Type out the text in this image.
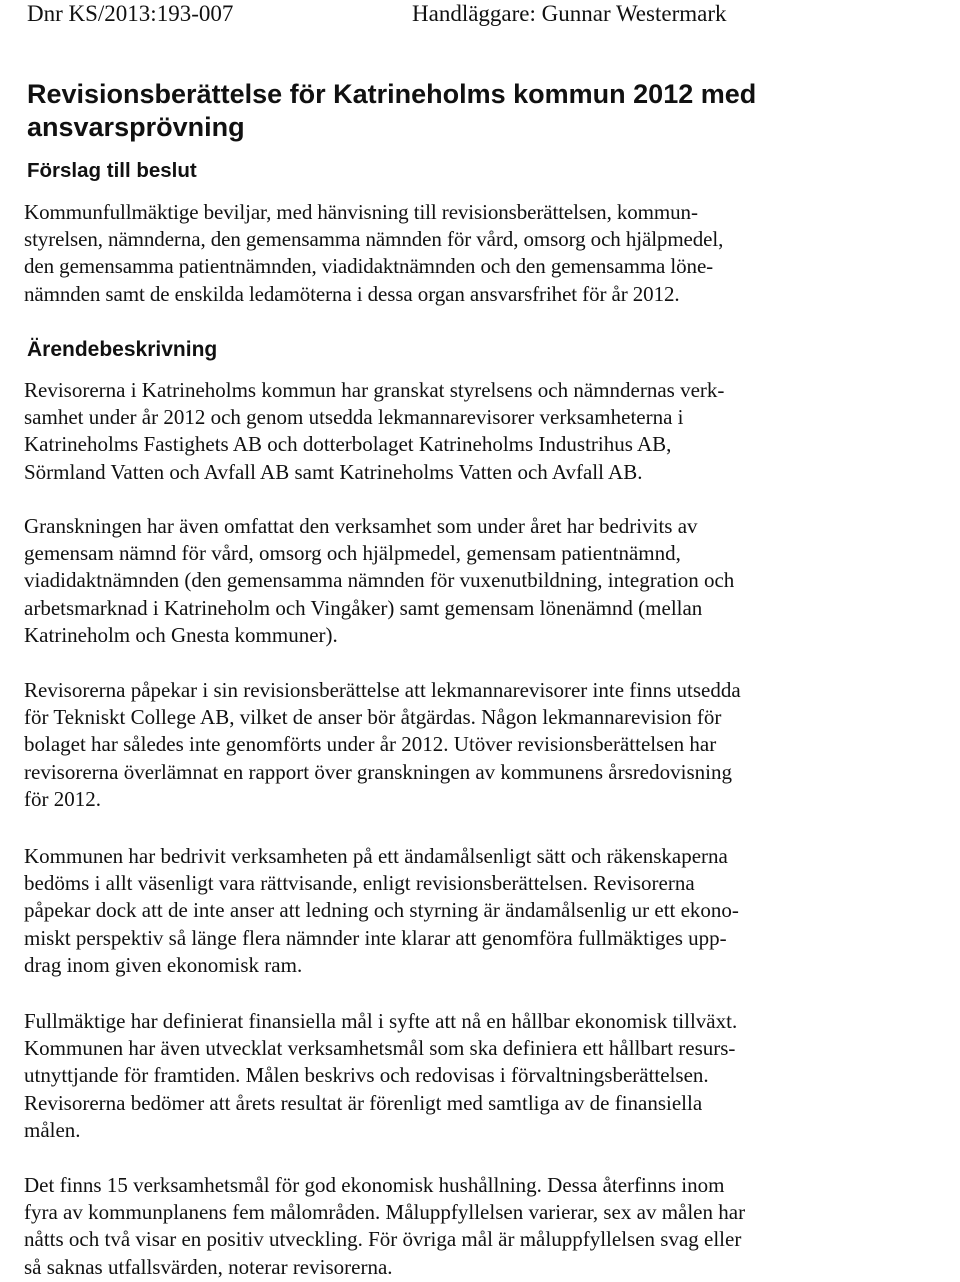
Dnr KS/2013:193-007	Handläggare: Gunnar Westermark
Revisionsberättelse för Katrineholms kommun 2012 med ansvarsprövning
Förslag till beslut

Kommunfullmäktige beviljar, med hänvisning till revisionsberättelsen, kommun-
styrelsen, nämnderna, den gemensamma nämnden för vård, omsorg och hjälpmedel,
den gemensamma patientnämnden, viadidaktnämnden och den gemensamma löne-
nämnden samt de enskilda ledamöterna i dessa organ ansvarsfrihet för år 2012.

Ärendebeskrivning

Revisorerna i Katrineholms kommun har granskat styrelsens och nämndernas verk-
samhet under år 2012 och genom utsedda lekmannarevisorer verksamheterna i
Katrineholms Fastighets AB och dotterbolaget Katrineholms Industrihus AB,
Sörmland Vatten och Avfall AB samt Katrineholms Vatten och Avfall AB.

Granskningen har även omfattat den verksamhet som under året har bedrivits av
gemensam nämnd för vård, omsorg och hjälpmedel, gemensam patientnämnd,
viadidaktnämnden (den gemensamma nämnden för vuxenutbildning, integration och
arbetsmarknad i Katrineholm och Vingåker) samt gemensam lönenämnd (mellan
Katrineholm och Gnesta kommuner).

Revisorerna påpekar i sin revisionsberättelse att lekmannarevisorer inte finns utsedda
för Tekniskt College AB, vilket de anser bör åtgärdas. Någon lekmannarevision för
bolaget har således inte genomförts under år 2012. Utöver revisionsberättelsen har
revisorerna överlämnat en rapport över granskningen av kommunens årsredovisning
för 2012.

Kommunen har bedrivit verksamheten på ett ändamålsenligt sätt och räkenskaperna
bedöms i allt väsenligt vara rättvisande, enligt revisionsberättelsen. Revisorerna
påpekar dock att de inte anser att ledning och styrning är ändamålsenlig ur ett ekono-
miskt perspektiv så länge flera nämnder inte klarar att genomföra fullmäktiges upp-
drag inom given ekonomisk ram.

Fullmäktige har definierat finansiella mål i syfte att nå en hållbar ekonomisk tillväxt.
Kommunen har även utvecklat verksamhetsmål som ska definiera ett hållbart resurs-
utnyttjande för framtiden. Målen beskrivs och redovisas i förvaltningsberättelsen.
Revisorerna bedömer att årets resultat är förenligt med samtliga av de finansiella
målen.

Det finns 15 verksamhetsmål för god ekonomisk hushållning. Dessa återfinns inom
fyra av kommunplanens fem målområden. Måluppfyllelsen varierar, sex av målen har
nåtts och två visar en positiv utveckling. För övriga mål är måluppfyllelsen svag eller
så saknas utfallsvärden, noterar revisorerna.
